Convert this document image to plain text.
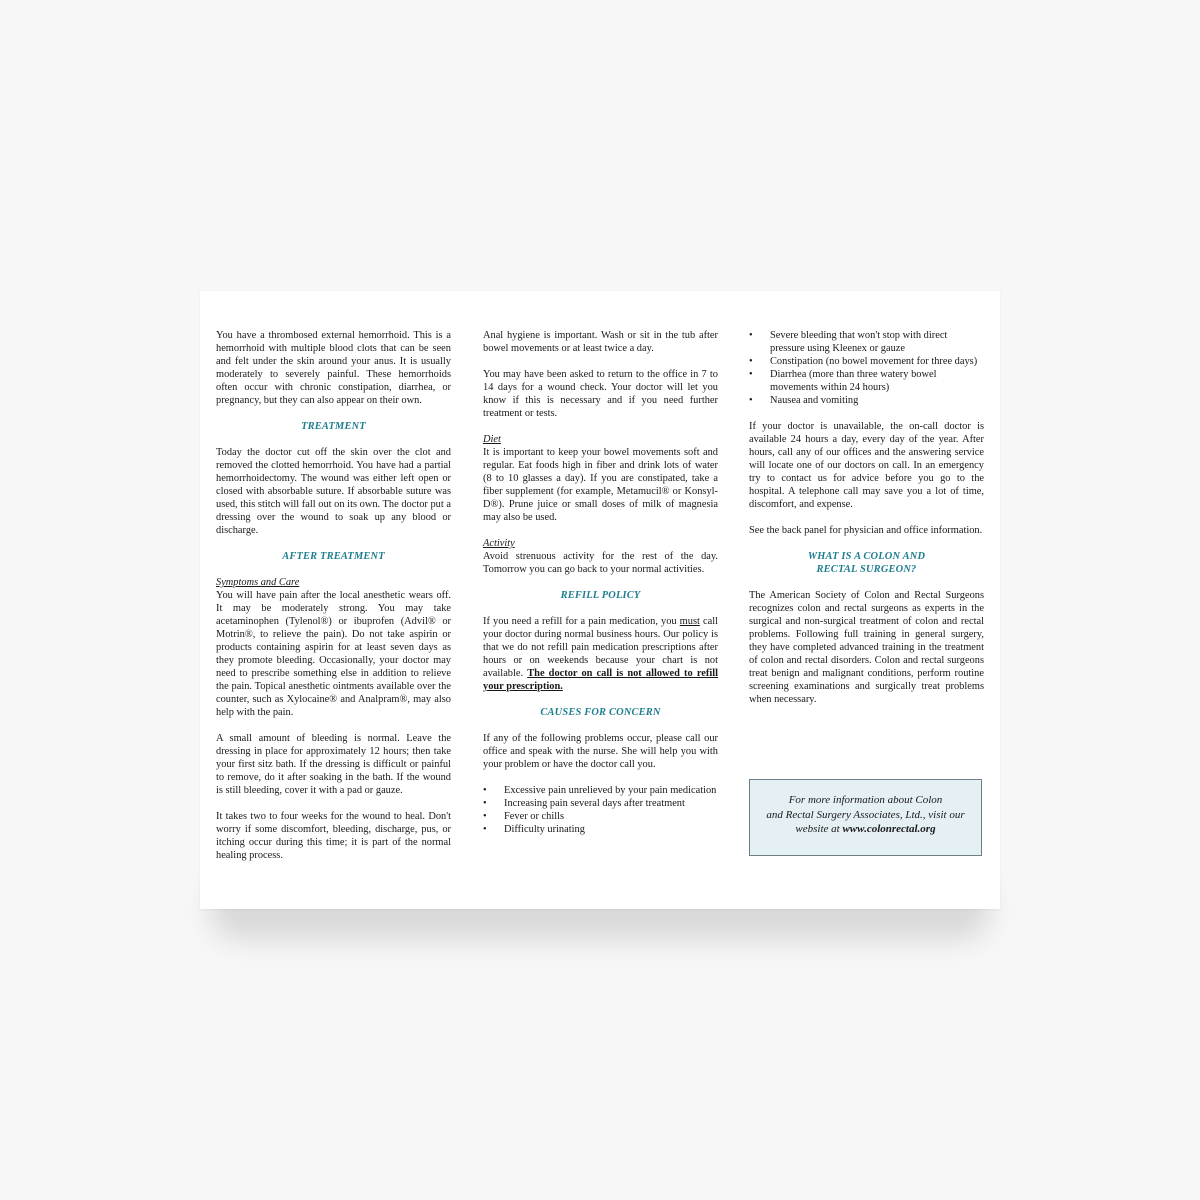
You have a thrombosed external hemorrhoid. This is a hemorrhoid with multiple blood clots that can be seen and felt under the skin around your anus. It is usually moderately to severely painful. These hemorrhoids often occur with chronic constipation, diarrhea, or pregnancy, but they can also appear on their own.

TREATMENT

Today the doctor cut off the skin over the clot and removed the clotted hemorrhoid. You have had a partial hemorrhoidectomy. The wound was either left open or closed with absorbable suture. If absorbable suture was used, this stitch will fall out on its own. The doctor put a dressing over the wound to soak up any blood or discharge.

AFTER TREATMENT

Symptoms and Care
You will have pain after the local anesthetic wears off. It may be moderately strong. You may take acetaminophen (Tylenol®) or ibuprofen (Advil® or Motrin®, to relieve the pain). Do not take aspirin or products containing aspirin for at least seven days as they promote bleeding. Occasionally, your doctor may need to prescribe something else in addition to relieve the pain. Topical anesthetic ointments available over the counter, such as Xylocaine® and Analpram®, may also help with the pain.

A small amount of bleeding is normal. Leave the dressing in place for approximately 12 hours; then take your first sitz bath. If the dressing is difficult or painful to remove, do it after soaking in the bath. If the wound is still bleeding, cover it with a pad or gauze.

It takes two to four weeks for the wound to heal. Don't worry if some discomfort, bleeding, discharge, pus, or itching occur during this time; it is part of the normal healing process.

Anal hygiene is important. Wash or sit in the tub after bowel movements or at least twice a day.

You may have been asked to return to the office in 7 to 14 days for a wound check. Your doctor will let you know if this is necessary and if you need further treatment or tests.

Diet
It is important to keep your bowel movements soft and regular. Eat foods high in fiber and drink lots of water (8 to 10 glasses a day). If you are constipated, take a fiber supplement (for example, Metamucil® or Konsyl-D®). Prune juice or small doses of milk of magnesia may also be used.

Activity
Avoid strenuous activity for the rest of the day. Tomorrow you can go back to your normal activities.

REFILL POLICY

If you need a refill for a pain medication, you must call your doctor during normal business hours. Our policy is that we do not refill pain medication prescriptions after hours or on weekends because your chart is not available. The doctor on call is not allowed to refill your prescription.

CAUSES FOR CONCERN

If any of the following problems occur, please call our office and speak with the nurse. She will help you with your problem or have the doctor call you.

• Excessive pain unrelieved by your pain medication
• Increasing pain several days after treatment
• Fever or chills
• Difficulty urinating
• Severe bleeding that won't stop with direct pressure using Kleenex or gauze
• Constipation (no bowel movement for three days)
• Diarrhea (more than three watery bowel movements within 24 hours)
• Nausea and vomiting

If your doctor is unavailable, the on-call doctor is available 24 hours a day, every day of the year. After hours, call any of our offices and the answering service will locate one of our doctors on call. In an emergency try to contact us for advice before you go to the hospital. A telephone call may save you a lot of time, discomfort, and expense.

See the back panel for physician and office information.

WHAT IS A COLON AND
RECTAL SURGEON?

The American Society of Colon and Rectal Surgeons recognizes colon and rectal surgeons as experts in the surgical and non-surgical treatment of colon and rectal problems. Following full training in general surgery, they have completed advanced training in the treatment of colon and rectal disorders. Colon and rectal surgeons treat benign and malignant conditions, perform routine screening examinations and surgically treat problems when necessary.

For more information about Colon
and Rectal Surgery Associates, Ltd., visit our
website at www.colonrectal.org
